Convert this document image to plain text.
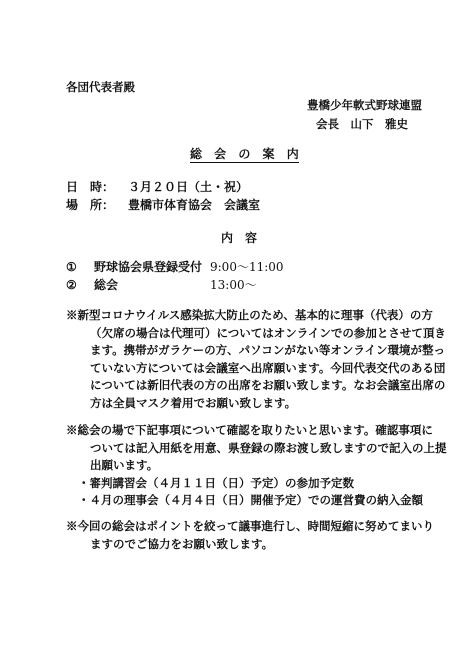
各団代表者殿
豊橋少年軟式野球連盟
会長　山下　雅史
総 会 の 案 内
日　時：	３月２０日（土・祝）
場　所：	豊橋市体育協会　会議室
内　容
① 野球協会県登録受付 9:00～11:00
② 総会	13:00～
※新型コロナウイルス感染拡大防止のため、基本的に理事（代表）の方
（欠席の場合は代理可）についてはオンラインでの参加とさせて頂き
ます。携帯がガラケーの方、パソコンがない等オンライン環境が整っ
ていない方については会議室へ出席願います。今回代表交代のある団
については新旧代表の方の出席をお願い致します。なお会議室出席の
方は全員マスク着用でお願い致します。
※総会の場で下記事項について確認を取りたいと思います。確認事項に
ついては記入用紙を用意、県登録の際お渡し致しますので記入の上提
出願います。
・審判講習会（４月１１日（日）予定）の参加予定数
・４月の理事会（４月４日（日）開催予定）での運営費の納入金額
※今回の総会はポイントを絞って議事進行し、時間短縮に努めてまいり
ますのでご協力をお願い致します。
